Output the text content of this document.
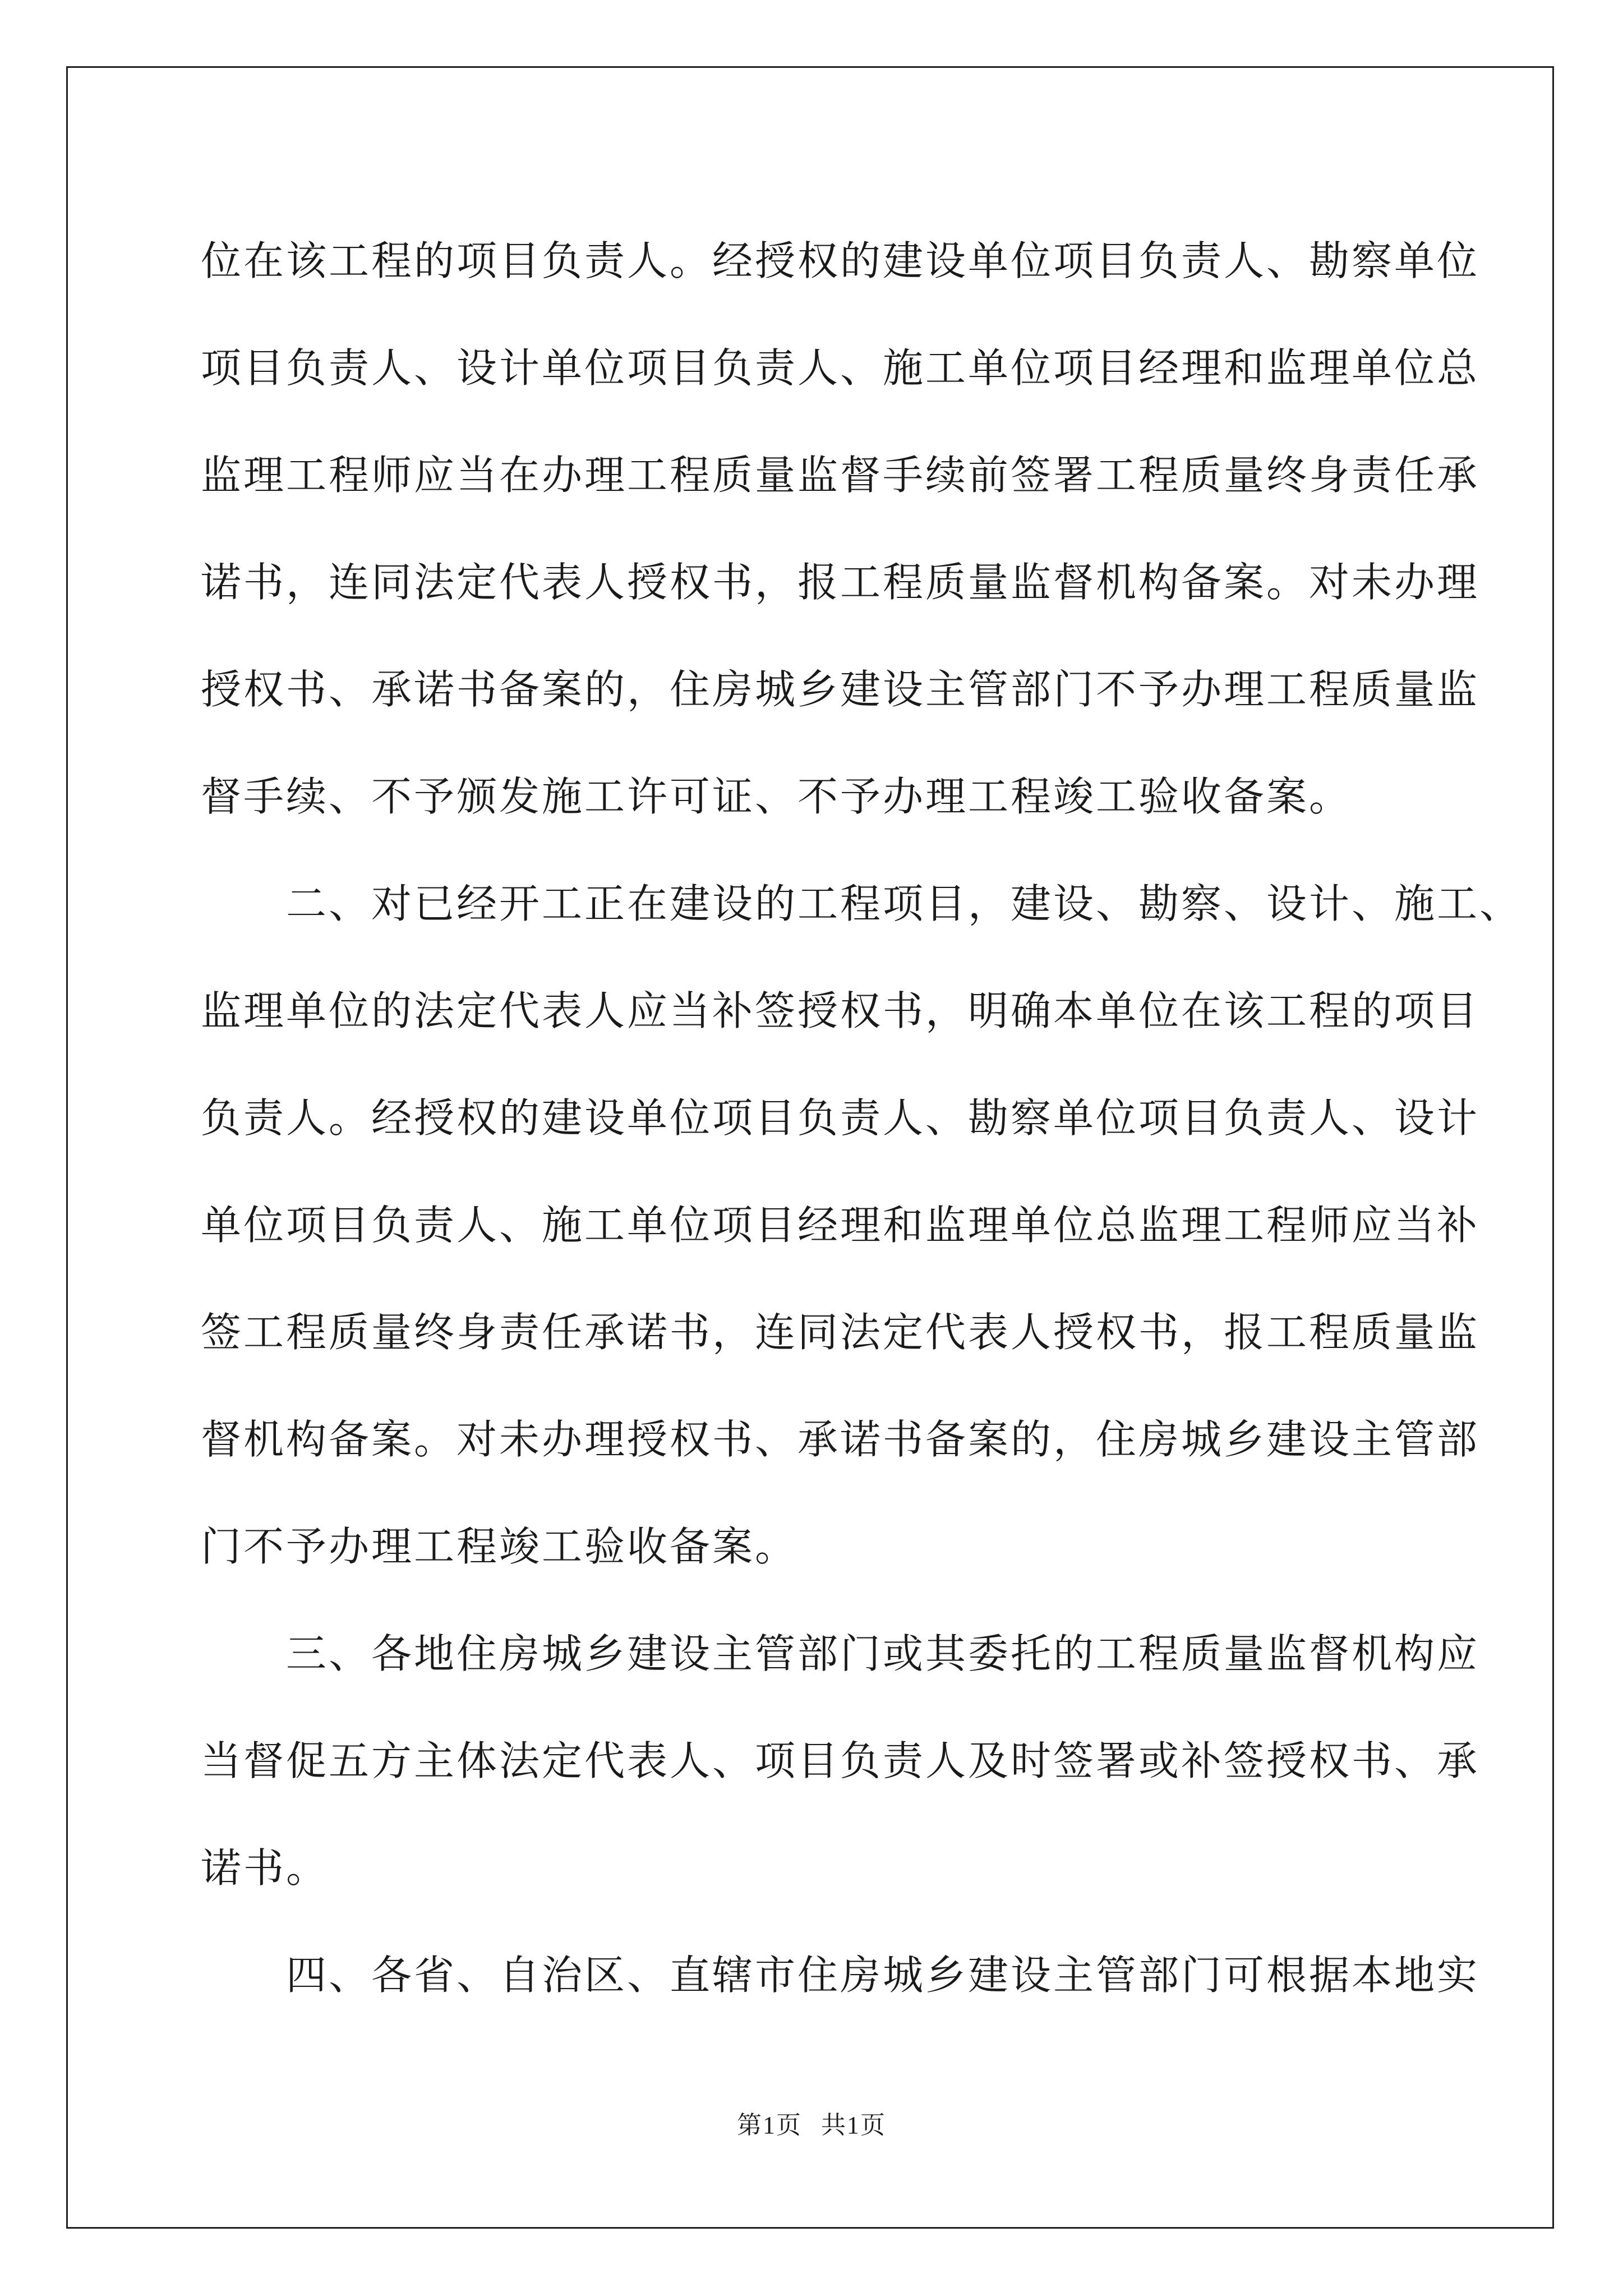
位在该工程的项目负责人。经授权的建设单位项目负责人、勘察单位
项目负责人、设计单位项目负责人、施工单位项目经理和监理单位总
监理工程师应当在办理工程质量监督手续前签署工程质量终身责任承
诺书，连同法定代表人授权书，报工程质量监督机构备案。对未办理
授权书、承诺书备案的，住房城乡建设主管部门不予办理工程质量监
督手续、不予颁发施工许可证、不予办理工程竣工验收备案。
　　二、对已经开工正在建设的工程项目，建设、勘察、设计、施工、
监理单位的法定代表人应当补签授权书，明确本单位在该工程的项目
负责人。经授权的建设单位项目负责人、勘察单位项目负责人、设计
单位项目负责人、施工单位项目经理和监理单位总监理工程师应当补
签工程质量终身责任承诺书，连同法定代表人授权书，报工程质量监
督机构备案。对未办理授权书、承诺书备案的，住房城乡建设主管部
门不予办理工程竣工验收备案。
　　三、各地住房城乡建设主管部门或其委托的工程质量监督机构应
当督促五方主体法定代表人、项目负责人及时签署或补签授权书、承
诺书。
　　四、各省、自治区、直辖市住房城乡建设主管部门可根据本地实
第1页 共1页
